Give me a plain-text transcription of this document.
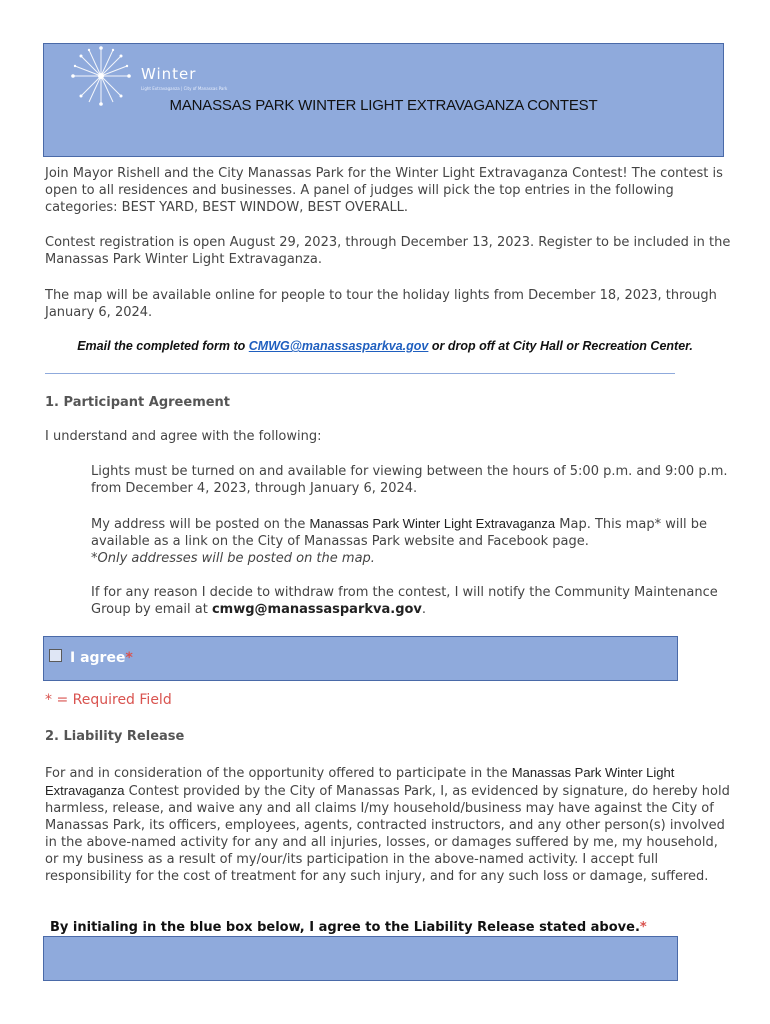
Winter
Light Extravaganza | City of Manassas Park
MANASSAS PARK WINTER LIGHT EXTRAVAGANZA CONTEST
Join Mayor Rishell and the City Manassas Park for the Winter Light Extravaganza Contest! The contest is open to all residences and businesses. A panel of judges will pick the top entries in the following categories: BEST YARD, BEST WINDOW, BEST OVERALL.
Contest registration is open August 29, 2023, through December 13, 2023. Register to be included in the Manassas Park Winter Light Extravaganza.
The map will be available online for people to tour the holiday lights from December 18, 2023, through January 6, 2024.
Email the completed form to CMWG@manassasparkva.gov or drop off at City Hall or Recreation Center.
1. Participant Agreement
I understand and agree with the following:
Lights must be turned on and available for viewing between the hours of 5:00 p.m. and 9:00 p.m. from December 4, 2023, through January 6, 2024.
My address will be posted on the Manassas Park Winter Light Extravaganza Map. This map* will be available as a link on the City of Manassas Park website and Facebook page.
*Only addresses will be posted on the map.
If for any reason I decide to withdraw from the contest, I will notify the Community Maintenance Group by email at cmwg@manassasparkva.gov.
I agree*
* = Required Field
2. Liability Release
For and in consideration of the opportunity offered to participate in the Manassas Park Winter Light Extravaganza Contest provided by the City of Manassas Park, I, as evidenced by signature, do hereby hold harmless, release, and waive any and all claims I/my household/business may have against the City of Manassas Park, its officers, employees, agents, contracted instructors, and any other person(s) involved in the above-named activity for any and all injuries, losses, or damages suffered by me, my household, or my business as a result of my/our/its participation in the above-named activity. I accept full responsibility for the cost of treatment for any such injury, and for any such loss or damage, suffered.
By initialing in the blue box below, I agree to the Liability Release stated above.*
